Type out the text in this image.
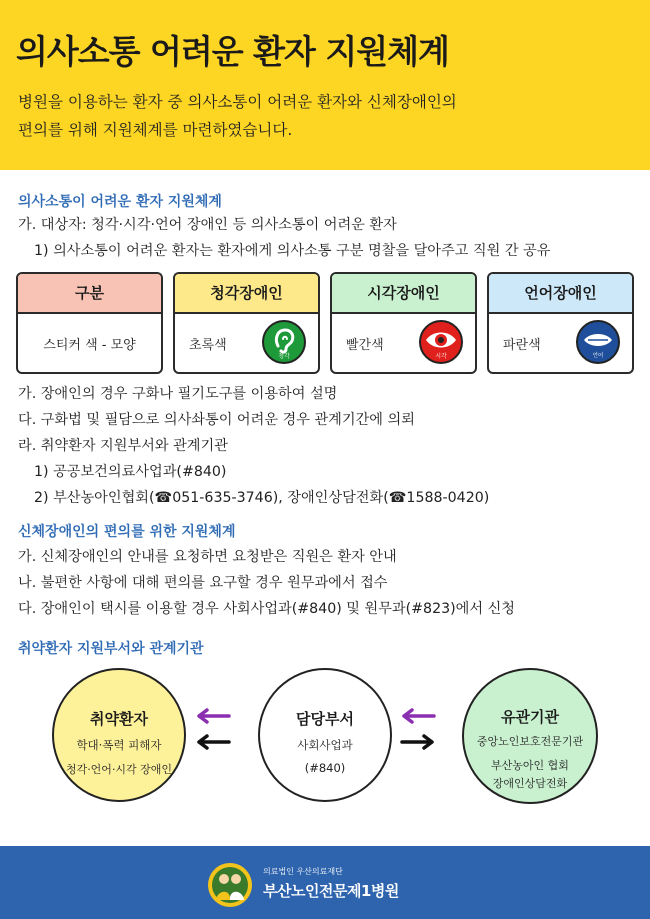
의사소통 어려운 환자 지원체계
병원을 이용하는 환자 중 의사소통이 어려운 환자와 신체장애인의
편의를 위해 지원체계를 마련하였습니다.
의사소통이 어려운 환자 지원체계
가. 대상자: 청각·시각·언어 장애인 등 의사소통이 어려운 환자
1) 의사소통이 어려운 환자는 환자에게 의사소통 구분 명찰을 달아주고 직원 간 공유
구분
스티커 색 - 모양
청각장애인
초록색
청각
시각장애인
빨간색
시각
언어장애인
파란색
언어
가. 장애인의 경우 구화나 필기도구를 이용하여 설명
다. 구화법 및 필담으로 의사솨통이 어려운 경우 관계기간에 의뢰
라. 취약환자 지원부서와 관계기관
1) 공공보건의료사업과(#840)
2) 부산농아인협회(☎051-635-3746), 장애인상담전화(☎1588-0420)
신체장애인의 편의를 위한 지원체계
가. 신체장애인의 안내를 요청하면 요청받은 직원은 환자 안내
나. 불편한 사항에 대해 편의를 요구할 경우 원무과에서 접수
다. 장애인이 택시를 이용할 경우 사회사업과(#840) 및 원무과(#823)에서 신청
취약환자 지원부서와 관계기관
취약환자
학대·폭력 피해자
청각·언어·시각 장애인
담당부서
사회사업과
(#840)
유관기관
중앙노인보호전문기관
부산농아인 협회
장애인상담전화
의료법인 우산의료재단
부산노인전문제1병원
